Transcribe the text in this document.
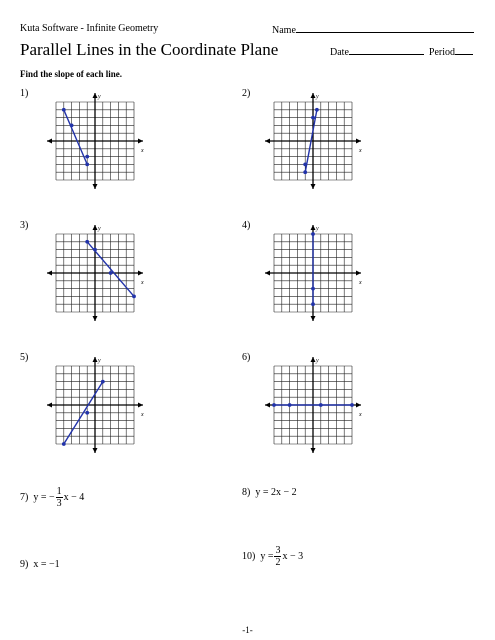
Kuta Software - Infinite Geometry	Name
Parallel Lines in the Coordinate Plane	Date	Period
Find the slope of each line.
1)
x
y	2)
x
y
3)
x
y	4)
x
y
5)
x
y	6)
x
y
7) y = − $\frac{1}{3}$ x − 4	8) y = 2x − 2
9) x = −1
10) $y = \frac{3}{2}$ x − 3
-1-
